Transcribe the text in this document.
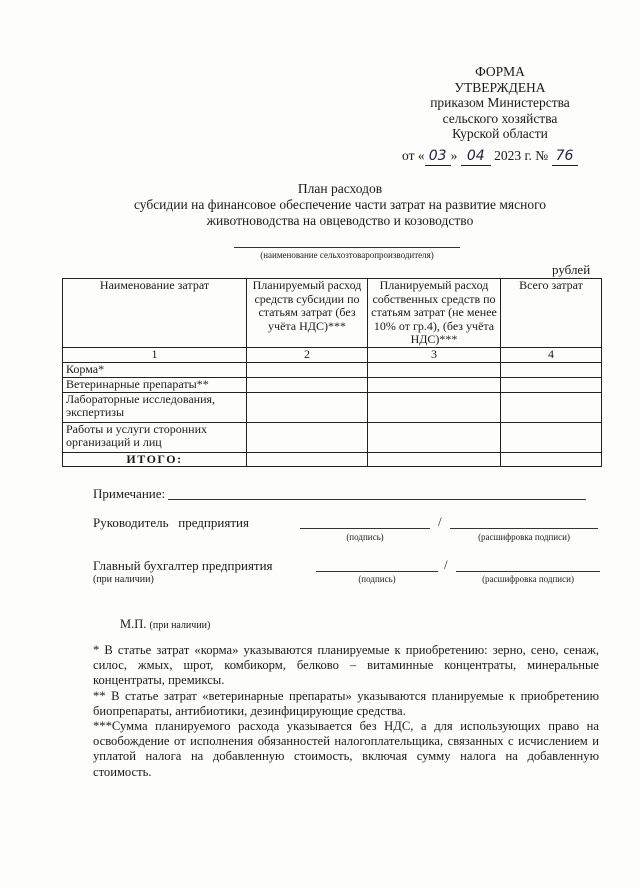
ФОРМА
УТВЕРЖДЕНА
приказом Министерства
сельского хозяйства
Курской области
от « 03 » 04 2023 г. № 76
План расходов
субсидии на финансовое обеспечение части затрат на развитие мясного
животноводства на овцеводство и козоводство
(наименование сельхозтоваропроизводителя)
рублей
Наименование затрат	Планируемый расход средств субсидии по статьям затрат (без учёта НДС)***	Планируемый расход собственных средств по статьям затрат (не менее 10% от гр.4), (без учёта НДС)***	Всего затрат
1	2	3	4
Корма*			
Ветеринарные препараты**			
Лабораторные исследования, экспертизы			
Работы и услуги сторонних организаций и лиц			
ИТОГО:			
Примечание:
Руководитель   предприятия	/
(подпись)	(расшифровка подписи)
Главный бухгалтер предприятия
(при наличии)
/
(подпись)	(расшифровка подписи)
М.П. (при наличии)
* В статье затрат «корма» указываются планируемые к приобретению: зерно, сено, сенаж, силос, жмых, шрот, комбикорм, белково – витаминные концентраты, минеральные концентраты, премиксы.
** В статье затрат «ветеринарные препараты» указываются планируемые к приобретению биопрепараты, антибиотики, дезинфицирующие средства.
***Сумма планируемого расхода указывается без НДС, а для использующих право на освобождение от исполнения обязанностей налогоплательщика, связанных с исчислением и уплатой налога на добавленную стоимость, включая сумму налога на добавленную стоимость.
